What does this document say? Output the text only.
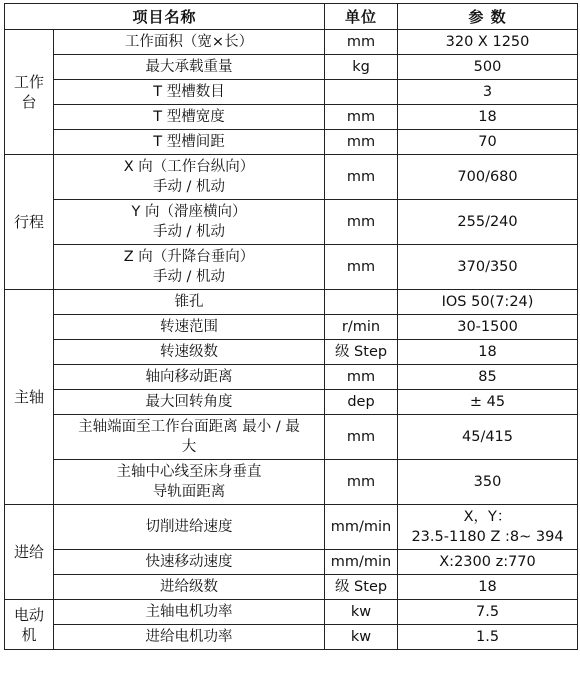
项目名称		单位	参 数

工作
台	工作面积（宽×长）	mm	320 X 1250

	最大承载重量	kg	500

	T 型槽数目		3

	T 型槽宽度	mm	18

	T 型槽间距	mm	70

行程	X 向（工作台纵向）
手动 / 机动	mm	700/680

	Y 向（滑座横向）
手动 / 机动	mm	255/240

	Z 向（升降台垂向）
手动 / 机动	mm	370/350

主轴	锥孔		IOS 50(7:24)

	转速范围	r/min	30-1500

	转速级数	级 Step	18

	轴向移动距离	mm	85

	最大回转角度	dep	± 45

	主轴端面至工作台面距离 最小 / 最
大	mm	45/415

	主轴中心线至床身垂直
导轨面距离	mm	350

进给	切削进给速度	mm/min	X，Y：
23.5-1180 Z :8~ 394

	快速移动速度	mm/min	X:2300 z:770

	进给级数	级 Step	18

电动
机	主轴电机功率	kw	7.5

	进给电机功率	kw	1.5
